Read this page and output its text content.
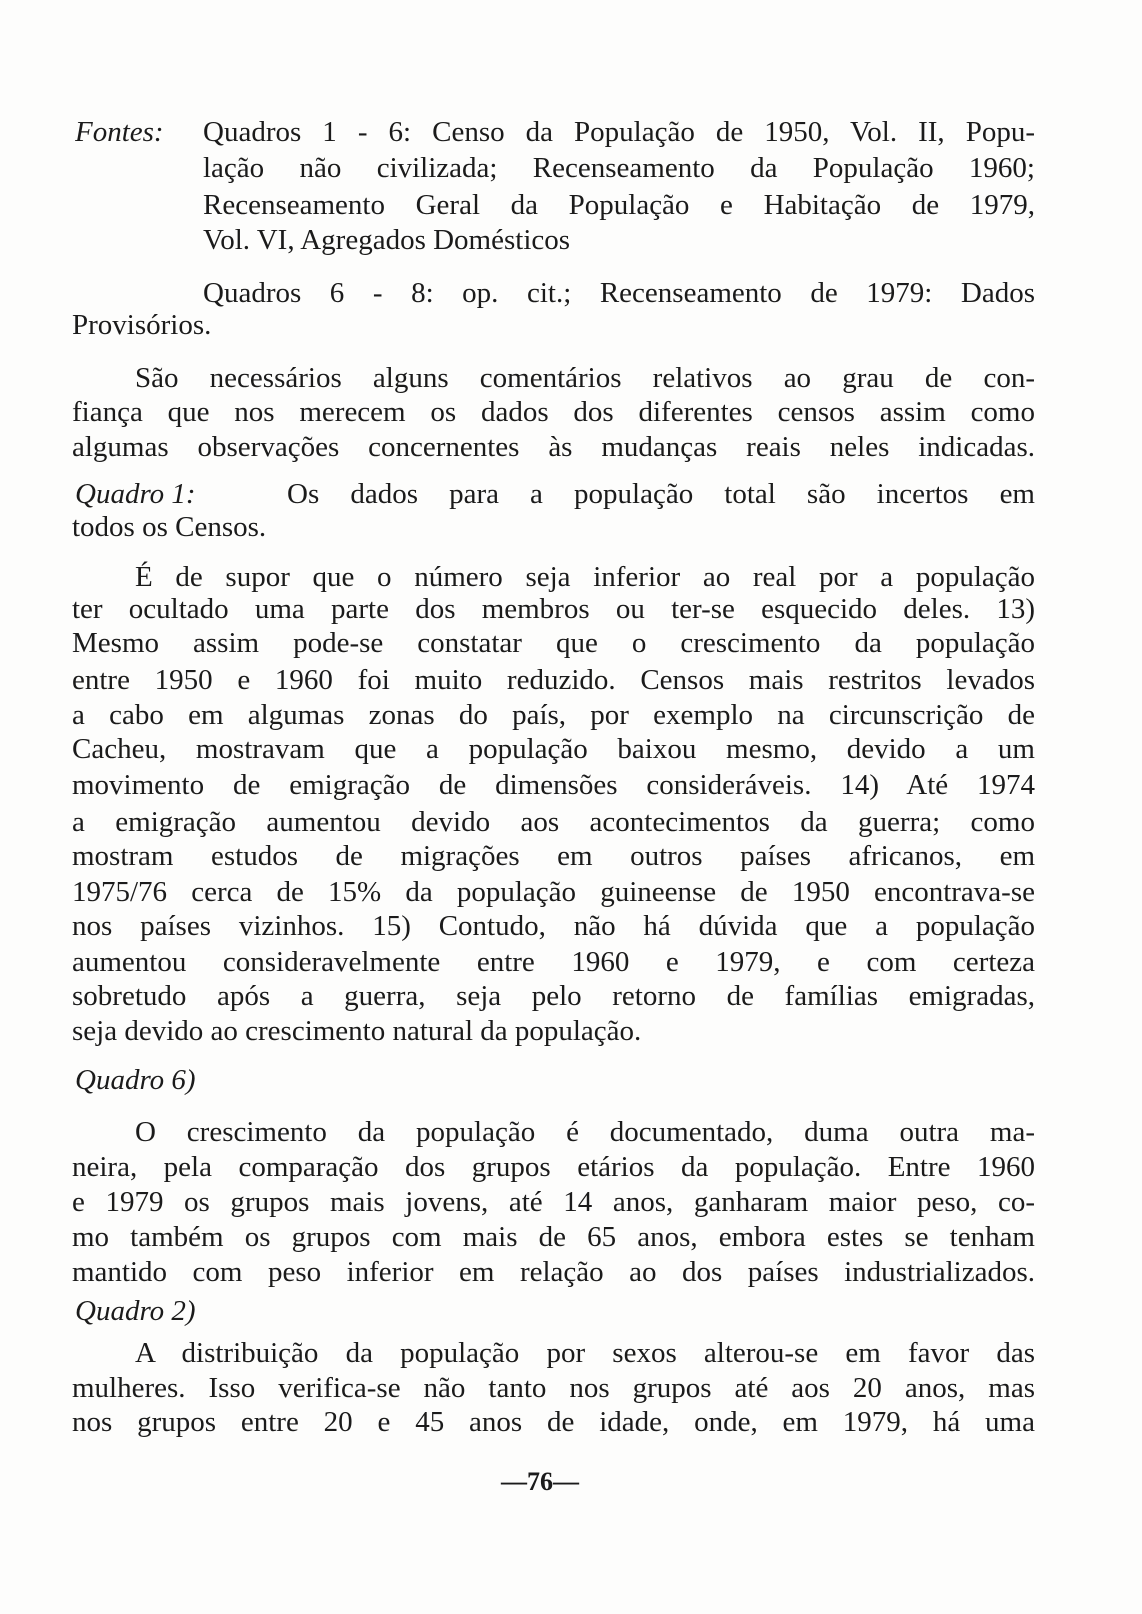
Fontes:	Quadros 1 - 6: Censo da População de 1950, Vol. II, Popu-
lação não civilizada; Recenseamento da População 1960;
Recenseamento Geral da População e Habitação de 1979,
Vol. VI, Agregados Domésticos
Quadros 6 - 8: op. cit.; Recenseamento de 1979: Dados
Provisórios.
São necessários alguns comentários relativos ao grau de con-
fiança que nos merecem os dados dos diferentes censos assim como
algumas observações concernentes às mudanças reais neles indicadas.
Quadro 1:	Os dados para a população total são incertos em
todos os Censos.
É de supor que o número seja inferior ao real por a população
ter ocultado uma parte dos membros ou ter-se esquecido deles. 13)
Mesmo assim pode-se constatar que o crescimento da população
entre 1950 e 1960 foi muito reduzido. Censos mais restritos levados
a cabo em algumas zonas do país, por exemplo na circunscrição de
Cacheu, mostravam que a população baixou mesmo, devido a um
movimento de emigração de dimensões consideráveis. 14) Até 1974
a emigração aumentou devido aos acontecimentos da guerra; como
mostram estudos de migrações em outros países africanos, em
1975/76 cerca de 15% da população guineense de 1950 encontrava-se
nos países vizinhos. 15) Contudo, não há dúvida que a população
aumentou consideravelmente entre 1960 e 1979, e com certeza
sobretudo após a guerra, seja pelo retorno de famílias emigradas,
seja devido ao crescimento natural da população.
Quadro 6)
O crescimento da população é documentado, duma outra ma-
neira, pela comparação dos grupos etários da população. Entre 1960
e 1979 os grupos mais jovens, até 14 anos, ganharam maior peso, co-
mo também os grupos com mais de 65 anos, embora estes se tenham
mantido com peso inferior em relação ao dos países industrializados.
Quadro 2)
A distribuição da população por sexos alterou-se em favor das
mulheres. Isso verifica-se não tanto nos grupos até aos 20 anos, mas
nos grupos entre 20 e 45 anos de idade, onde, em 1979, há uma
—76—
